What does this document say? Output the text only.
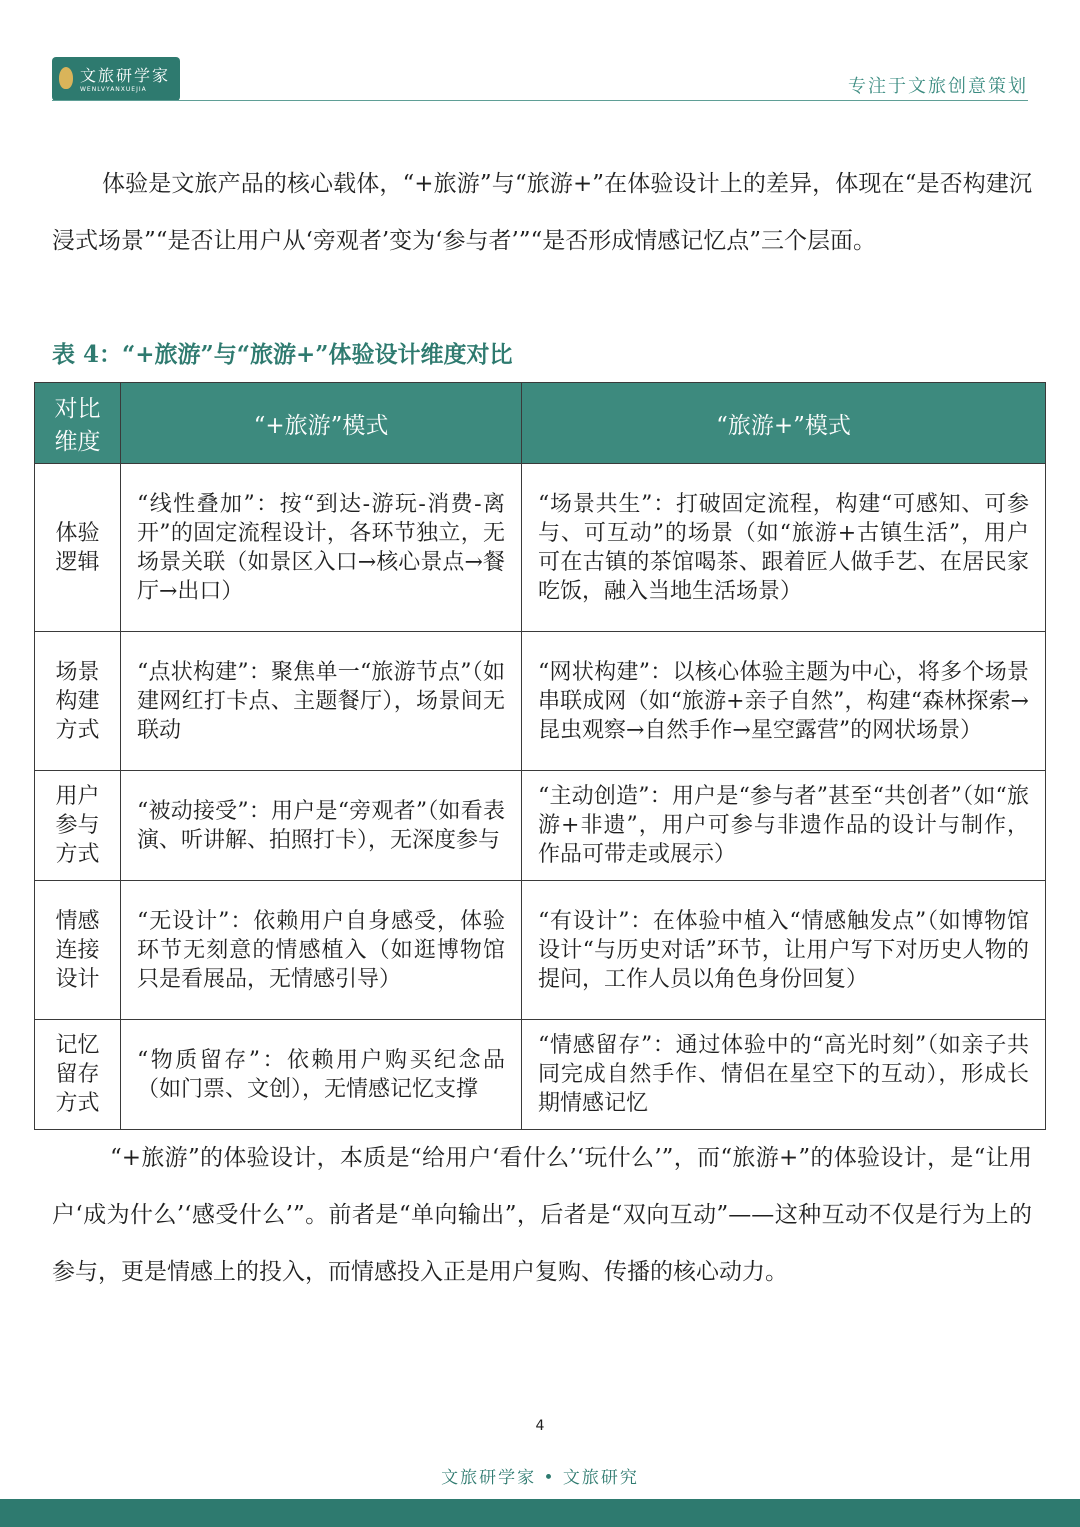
文旅研学家
WENLVYANXUEJIA	专注于文旅创意策划

体验是文旅产品的核心载体，“+旅游”与“旅游+”在体验设计上的差异，体现在“是否构建沉浸式场景”“是否让用户从‘旁观者’变为‘参与者’”“是否形成情感记忆点”三个层面。

表 4：“+旅游”与“旅游+”体验设计维度对比
对比维度	“+旅游”模式	“旅游+”模式
体验逻辑	“线性叠加”：按“到达-游玩-消费-离开”的固定流程设计，各环节独立，无场景关联（如景区入口→核心景点→餐厅→出口）	“场景共生”：打破固定流程，构建“可感知、可参与、可互动”的场景（如“旅游+古镇生活”，用户可在古镇的茶馆喝茶、跟着匠人做手艺、在居民家吃饭，融入当地生活场景）
场景构建方式	“点状构建”：聚焦单一“旅游节点”（如建网红打卡点、主题餐厅），场景间无联动	“网状构建”：以核心体验主题为中心，将多个场景串联成网（如“旅游+亲子自然”，构建“森林探索→昆虫观察→自然手作→星空露营”的网状场景）
用户参与方式	“被动接受”：用户是“旁观者”（如看表演、听讲解、拍照打卡），无深度参与	“主动创造”：用户是“参与者”甚至“共创者”（如“旅游+非遗”，用户可参与非遗作品的设计与制作，作品可带走或展示）
情感连接设计	“无设计”：依赖用户自身感受，体验环节无刻意的情感植入（如逛博物馆只是看展品，无情感引导）	“有设计”：在体验中植入“情感触发点”（如博物馆设计“与历史对话”环节，让用户写下对历史人物的提问，工作人员以角色身份回复）
记忆留存方式	“物质留存”：依赖用户购买纪念品（如门票、文创），无情感记忆支撑	“情感留存”：通过体验中的“高光时刻”（如亲子共同完成自然手作、情侣在星空下的互动），形成长期情感记忆

“+旅游”的体验设计，本质是“给用户‘看什么’‘玩什么’”，而“旅游+”的体验设计，是“让用户‘成为什么’‘感受什么’”。前者是“单向输出”，后者是“双向互动”——这种互动不仅是行为上的参与，更是情感上的投入，而情感投入正是用户复购、传播的核心动力。

4
文旅研学家 • 文旅研究
